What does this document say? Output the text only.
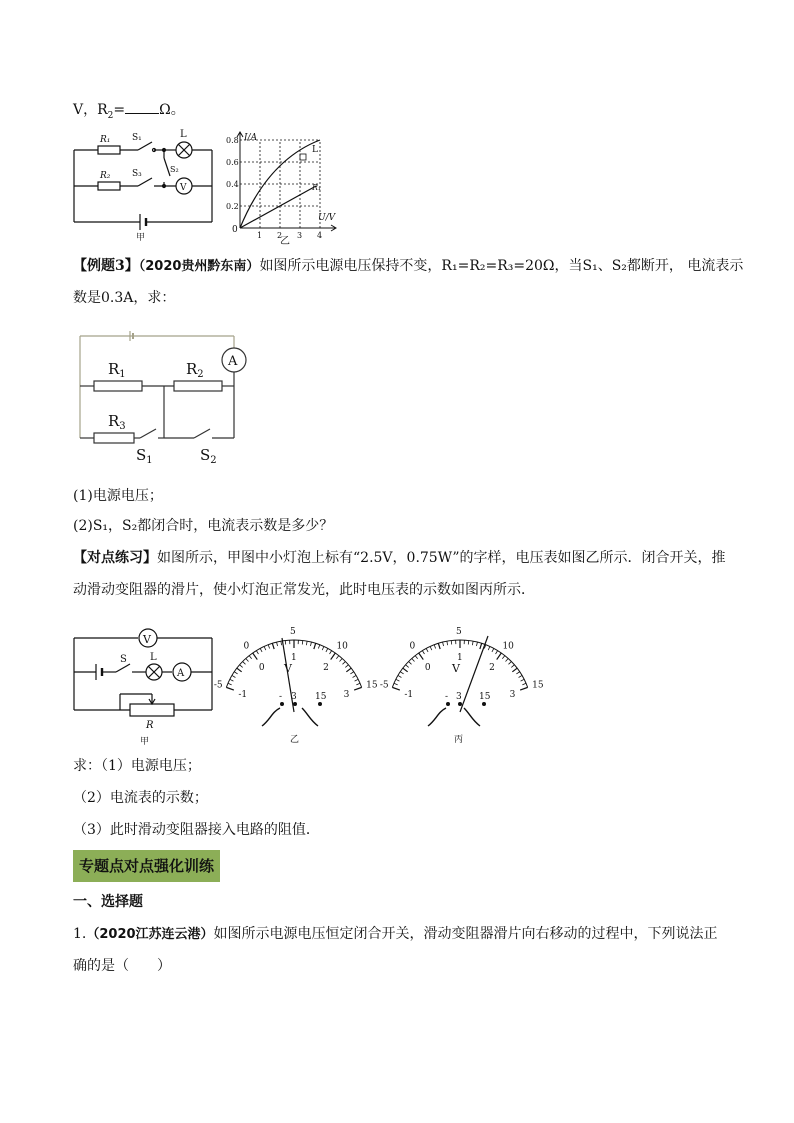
V，$R_2= \Omega$。
R₁ S₁
S₂
L
R₂ S₃
V
甲
I/A
U/V
0
L
R₁
0.8
0.6
0.4
0.2
1 2 3 4
乙
【例题3】（2020贵州黔东南）如图所示电源电压保持不变，R₁=R₂=R₃=20Ω，当S₁、S₂都断开， 电流表示
数是0.3A，求：
A
$R_1$	$R_2$
$R_3$
$S_1$	$S_2$
(1)电源电压；
(2)S₁，S₂都闭合时，电流表示数是多少？
【对点练习】如图所示，甲图中小灯泡上标有“2.5V，0.75W”的字样，电压表如图乙所示．闭合开关，推
动滑动变阻器的滑片，使小灯泡正常发光，此时电压表的示数如图丙所示．
V
S L
A
R
甲
-5
0
5
10
15
-1
0
1
2
3
V
- 3 15
乙
-5
0
5
10
15
-1
0
1
2
3
V
- 3 15
丙
求：（1）电源电压；
（2）电流表的示数；
（3）此时滑动变阻器接入电路的阻值．
专题点对点强化训练
一、选择题
1.（2020江苏连云港）如图所示电源电压恒定闭合开关，滑动变阻器滑片向右移动的过程中，下列说法正
确的是（　　）
